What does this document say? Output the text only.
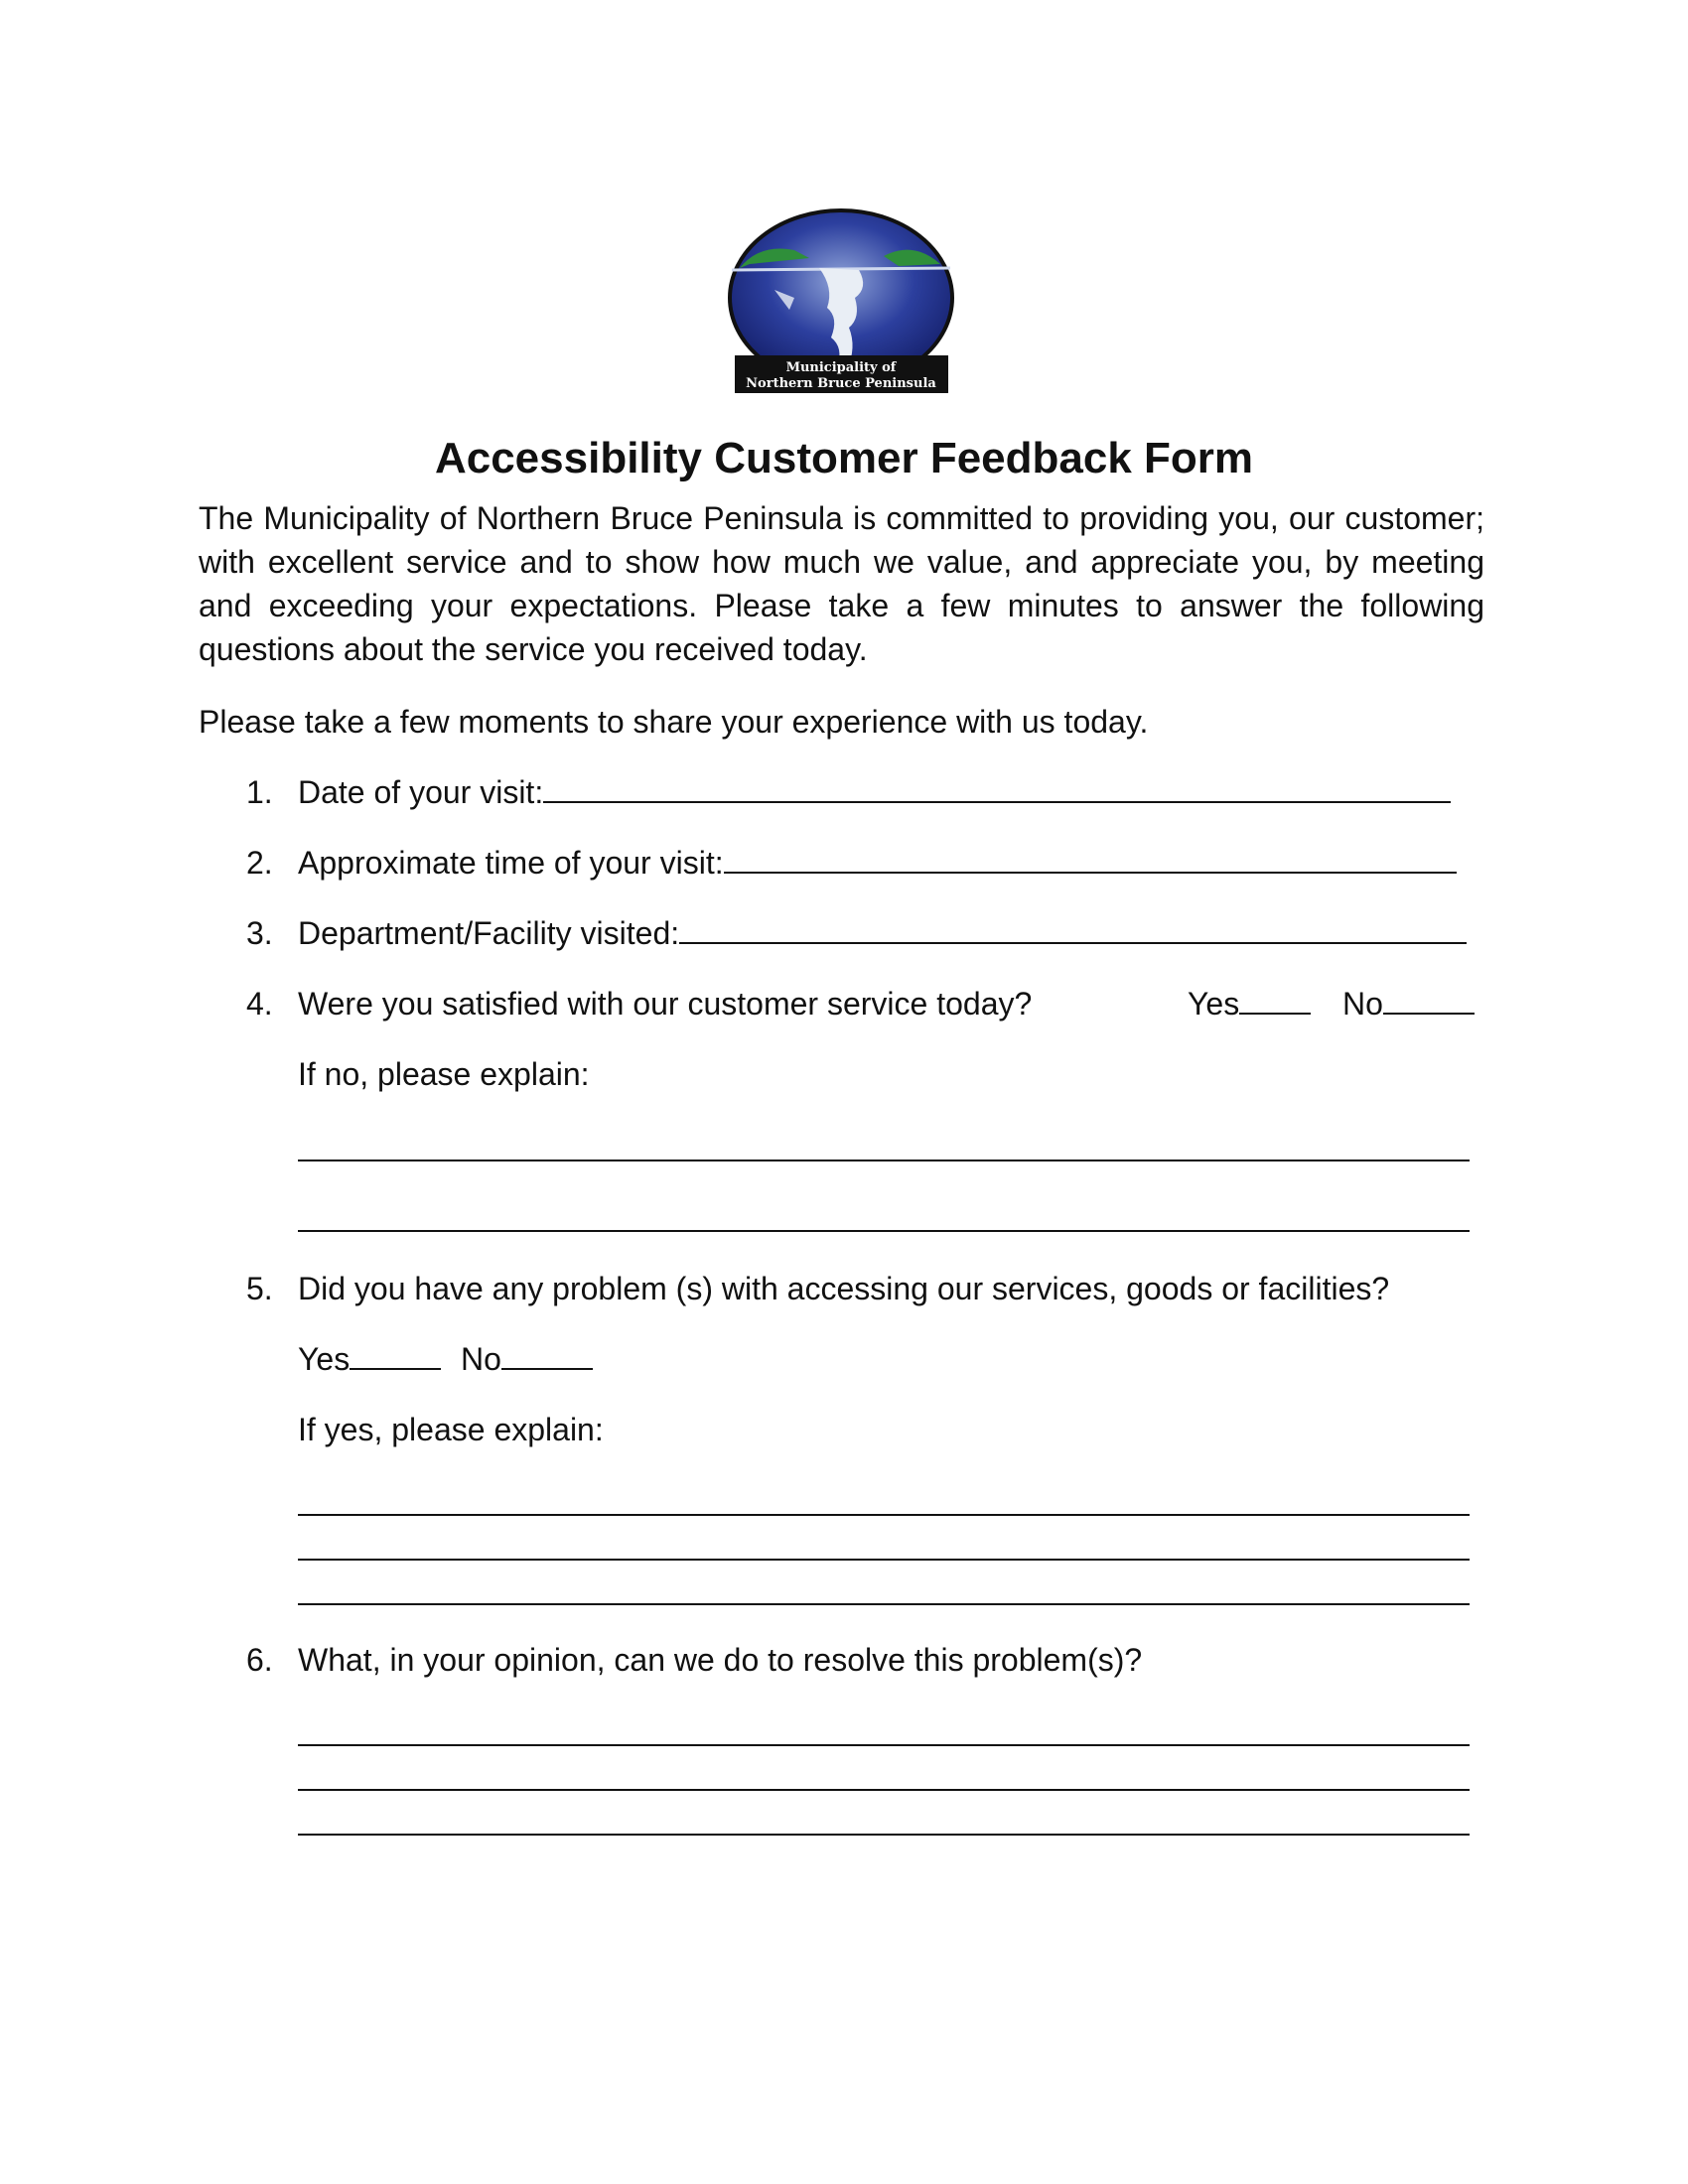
Municipality of
Northern Bruce Peninsula
Accessibility Customer Feedback Form

The Municipality of Northern Bruce Peninsula is committed to providing you, our customer; with excellent service and to show how much we value, and appreciate you, by meeting and exceeding your expectations. Please take a few minutes to answer the following questions about the service you received today.

Please take a few moments to share your experience with us today.

1. Date of your visit:
2. Approximate time of your visit:
3. Department/Facility visited:
4. Were you satisfied with our customer service today?	Yes	No
If no, please explain:
5. Did you have any problem (s) with accessing our services, goods or facilities?
Yes	No
If yes, please explain:
6. What, in your opinion, can we do to resolve this problem(s)?
